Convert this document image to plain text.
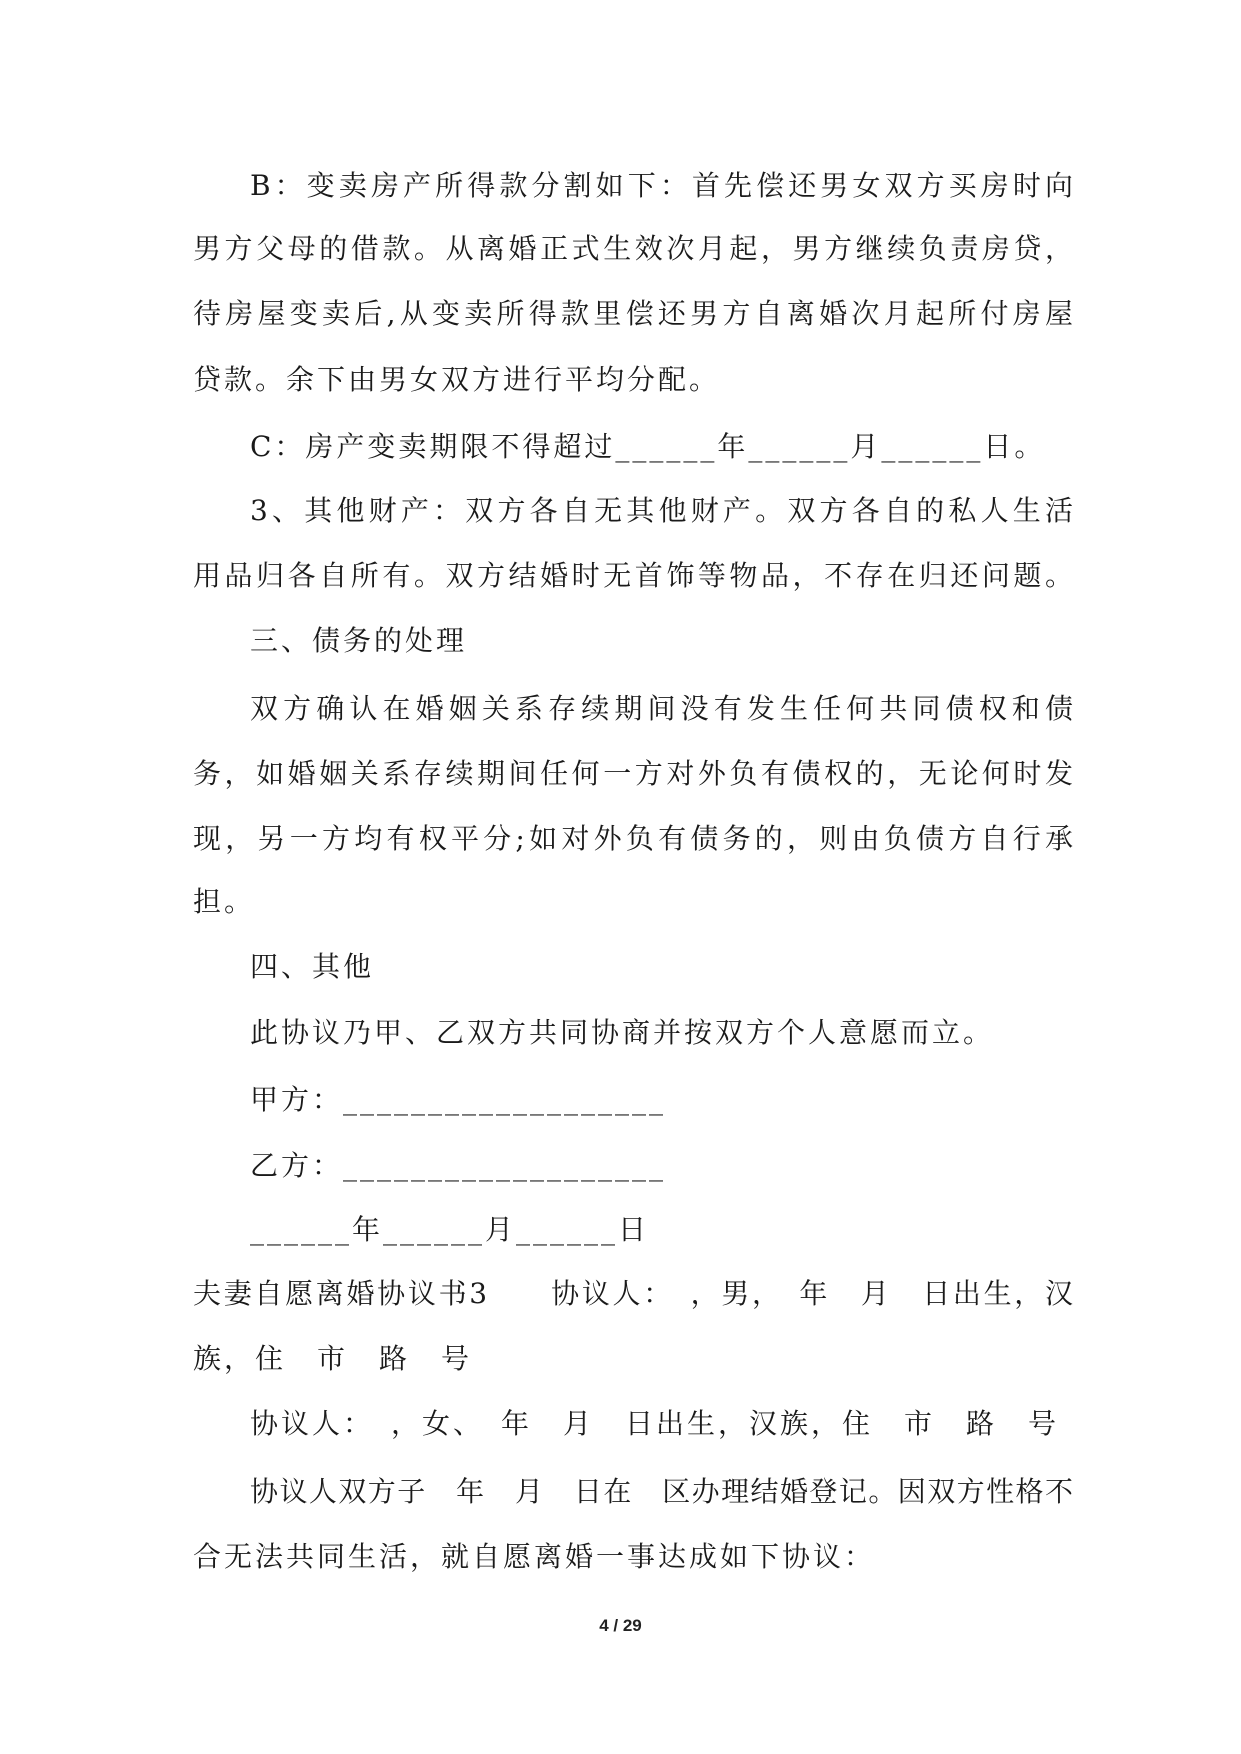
B：变卖房产所得款分割如下：首先偿还男女双方买房时向
男方父母的借款。从离婚正式生效次月起，男方继续负责房贷，
待房屋变卖后,从变卖所得款里偿还男方自离婚次月起所付房屋
贷款。余下由男女双方进行平均分配。
C：房产变卖期限不得超过______年______月______日。
3、其他财产：双方各自无其他财产。双方各自的私人生活
用品归各自所有。双方结婚时无首饰等物品，不存在归还问题。
三、债务的处理
双方确认在婚姻关系存续期间没有发生任何共同债权和债
务，如婚姻关系存续期间任何一方对外负有债权的，无论何时发
现，另一方均有权平分;如对外负有债务的，则由负债方自行承
担。
四、其他
此协议乃甲、乙双方共同协商并按双方个人意愿而立。
甲方：___________________
乙方：___________________
______年______月______日
夫妻自愿离婚协议书3　　协议人：　，男，　年　月　日出生，汉
族，住　市　路　号
协议人：　，女、　年　月　日出生，汉族，住　市　路　号
协议人双方子　年　月　日在　区办理结婚登记。因双方性格不
合无法共同生活，就自愿离婚一事达成如下协议：
4 / 29
